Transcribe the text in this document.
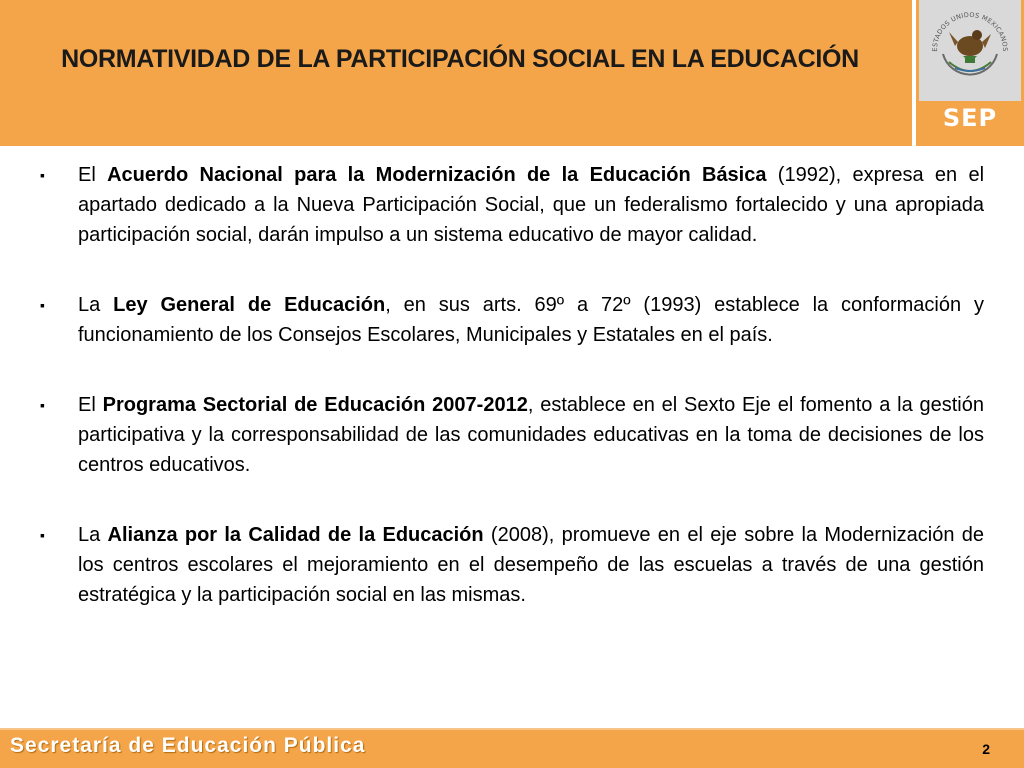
NORMATIVIDAD DE LA PARTICIPACIÓN SOCIAL EN LA EDUCACIÓN	ESTADOS UNIDOS MEXICANOS
SEP
▪ El Acuerdo Nacional para la Modernización de la Educación Básica (1992), expresa en el apartado dedicado a la Nueva Participación Social, que un federalismo fortalecido y una apropiada participación social, darán impulso a un sistema educativo de mayor calidad.
▪ La Ley General de Educación, en sus arts. 69º a 72º (1993) establece la conformación y funcionamiento de los Consejos Escolares, Municipales y Estatales en el país.
▪ El Programa Sectorial de Educación 2007-2012, establece en el Sexto Eje el fomento a la gestión participativa y la corresponsabilidad de las comunidades educativas en la toma de decisiones de los centros educativos.
▪ La Alianza por la Calidad de la Educación (2008), promueve en el eje sobre la Modernización de los centros escolares el mejoramiento en el desempeño de las escuelas a través de una gestión estratégica y la participación social en las mismas.
Secretaría de Educación Pública	2
